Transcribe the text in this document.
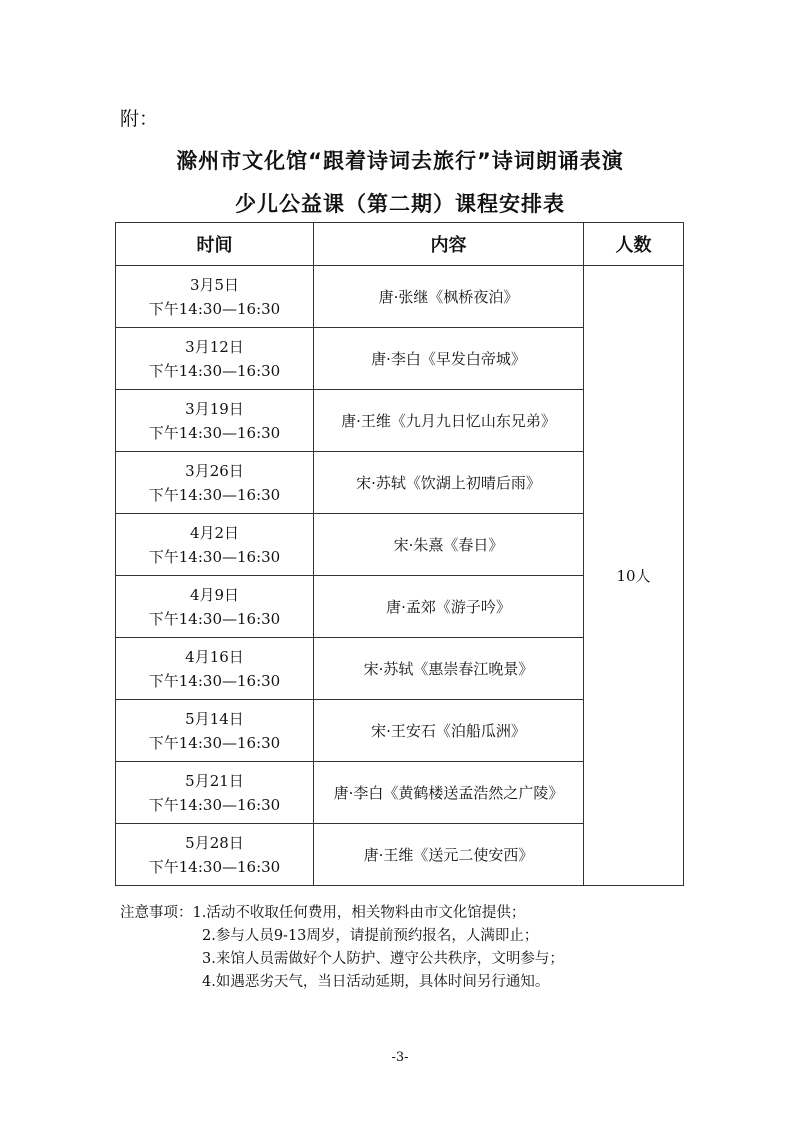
附：
滁州市文化馆“跟着诗词去旅行”诗词朗诵表演
少儿公益课（第二期）课程安排表
时间	内容	人数

3月5日
下午14:30—16:30	唐·张继《枫桥夜泊》	10人

3月12日
下午14:30—16:30	唐·李白《早发白帝城》	

3月19日
下午14:30—16:30	唐·王维《九月九日忆山东兄弟》	

3月26日
下午14:30—16:30	宋·苏轼《饮湖上初晴后雨》	

4月2日
下午14:30—16:30	宋·朱熹《春日》	

4月9日
下午14:30—16:30	唐·孟郊《游子吟》	

4月16日
下午14:30—16:30	宋·苏轼《惠崇春江晚景》	

5月14日
下午14:30—16:30	宋·王安石《泊船瓜洲》	

5月21日
下午14:30—16:30	唐·李白《黄鹤楼送孟浩然之广陵》	

5月28日
下午14:30—16:30	唐·王维《送元二使安西》	
注意事项：1.活动不收取任何费用，相关物料由市文化馆提供；
2.参与人员9-13周岁，请提前预约报名，人满即止；
3.来馆人员需做好个人防护、遵守公共秩序，文明参与；
4.如遇恶劣天气，当日活动延期，具体时间另行通知。
-3-
